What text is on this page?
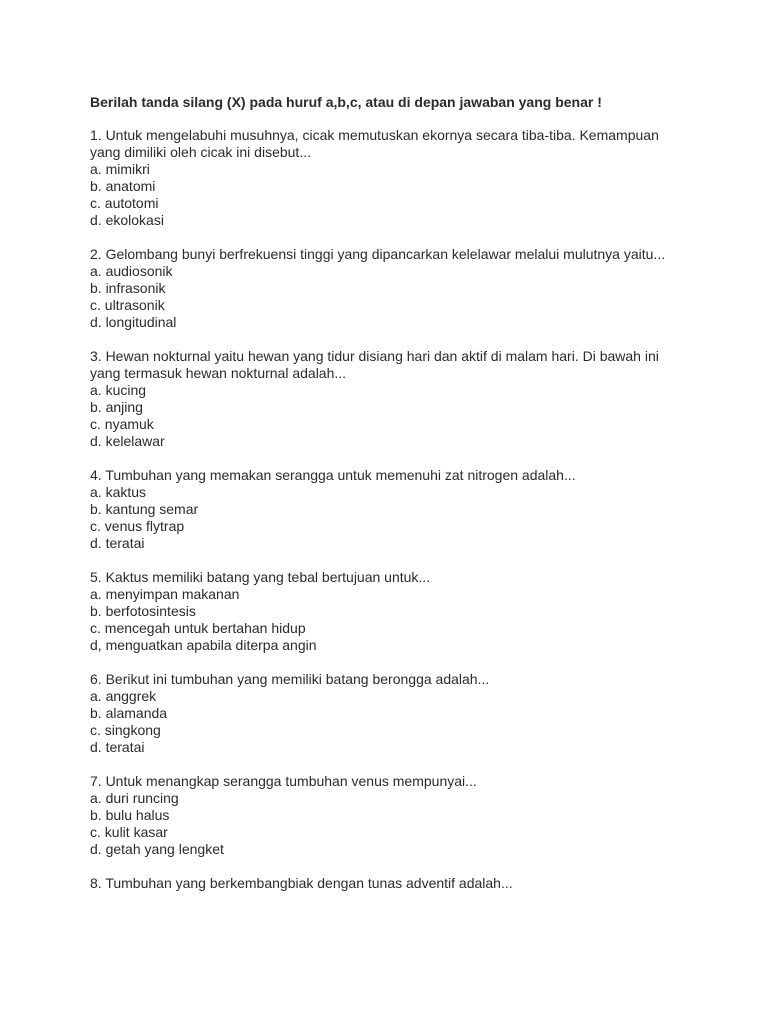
Berilah tanda silang (X) pada huruf a,b,c, atau di depan jawaban yang benar !

1. Untuk mengelabuhi musuhnya, cicak memutuskan ekornya secara tiba-tiba. Kemampuan yang dimiliki oleh cicak ini disebut...

a. mimikri

b. anatomi

c. autotomi

d. ekolokasi

2. Gelombang bunyi berfrekuensi tinggi yang dipancarkan kelelawar melalui mulutnya yaitu...

a. audiosonik

b. infrasonik

c. ultrasonik

d. longitudinal

3. Hewan nokturnal yaitu hewan yang tidur disiang hari dan aktif di malam hari. Di bawah ini yang termasuk hewan nokturnal adalah...

a. kucing

b. anjing

c. nyamuk

d. kelelawar

4. Tumbuhan yang memakan serangga untuk memenuhi zat nitrogen adalah...

a. kaktus

b. kantung semar

c. venus flytrap

d. teratai

5. Kaktus memiliki batang yang tebal bertujuan untuk...

a. menyimpan makanan

b. berfotosintesis

c. mencegah untuk bertahan hidup

d, menguatkan apabila diterpa angin

6. Berikut ini tumbuhan yang memiliki batang berongga adalah...

a. anggrek

b. alamanda

c. singkong

d. teratai

7. Untuk menangkap serangga tumbuhan venus mempunyai...

a. duri runcing

b. bulu halus

c. kulit kasar

d. getah yang lengket

8. Tumbuhan yang berkembangbiak dengan tunas adventif adalah...
